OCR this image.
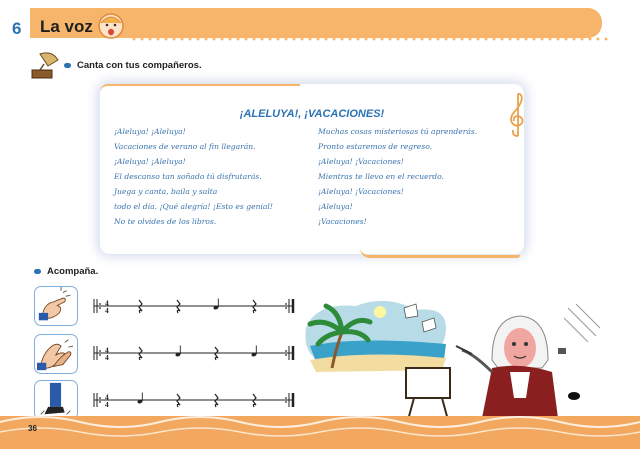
6 La voz
Canta con tus compañeros.
¡ALELUYA!, ¡VACACIONES!
¡Aleluya! ¡Aleluya!
Vacaciones de verano al fin llegarán.
¡Aleluya! ¡Aleluya!
El descanso tan soñado tú disfrutarás.
Juega y canta, baila y salta
todo el día. ¡Qué alegría! ¡Esto es genial!
No te olvides de los libros.
Muchas cosas misteriosas tú aprenderás.
Pronto estaremos de regreso.
¡Aleluya! ¡Vacaciones!
Mientras te llevo en el recuerdo.
¡Aleluya! ¡Vacaciones!
¡Aleluya!
¡Vacaciones!
Acompaña.
4
4
4
4
4
4
36
